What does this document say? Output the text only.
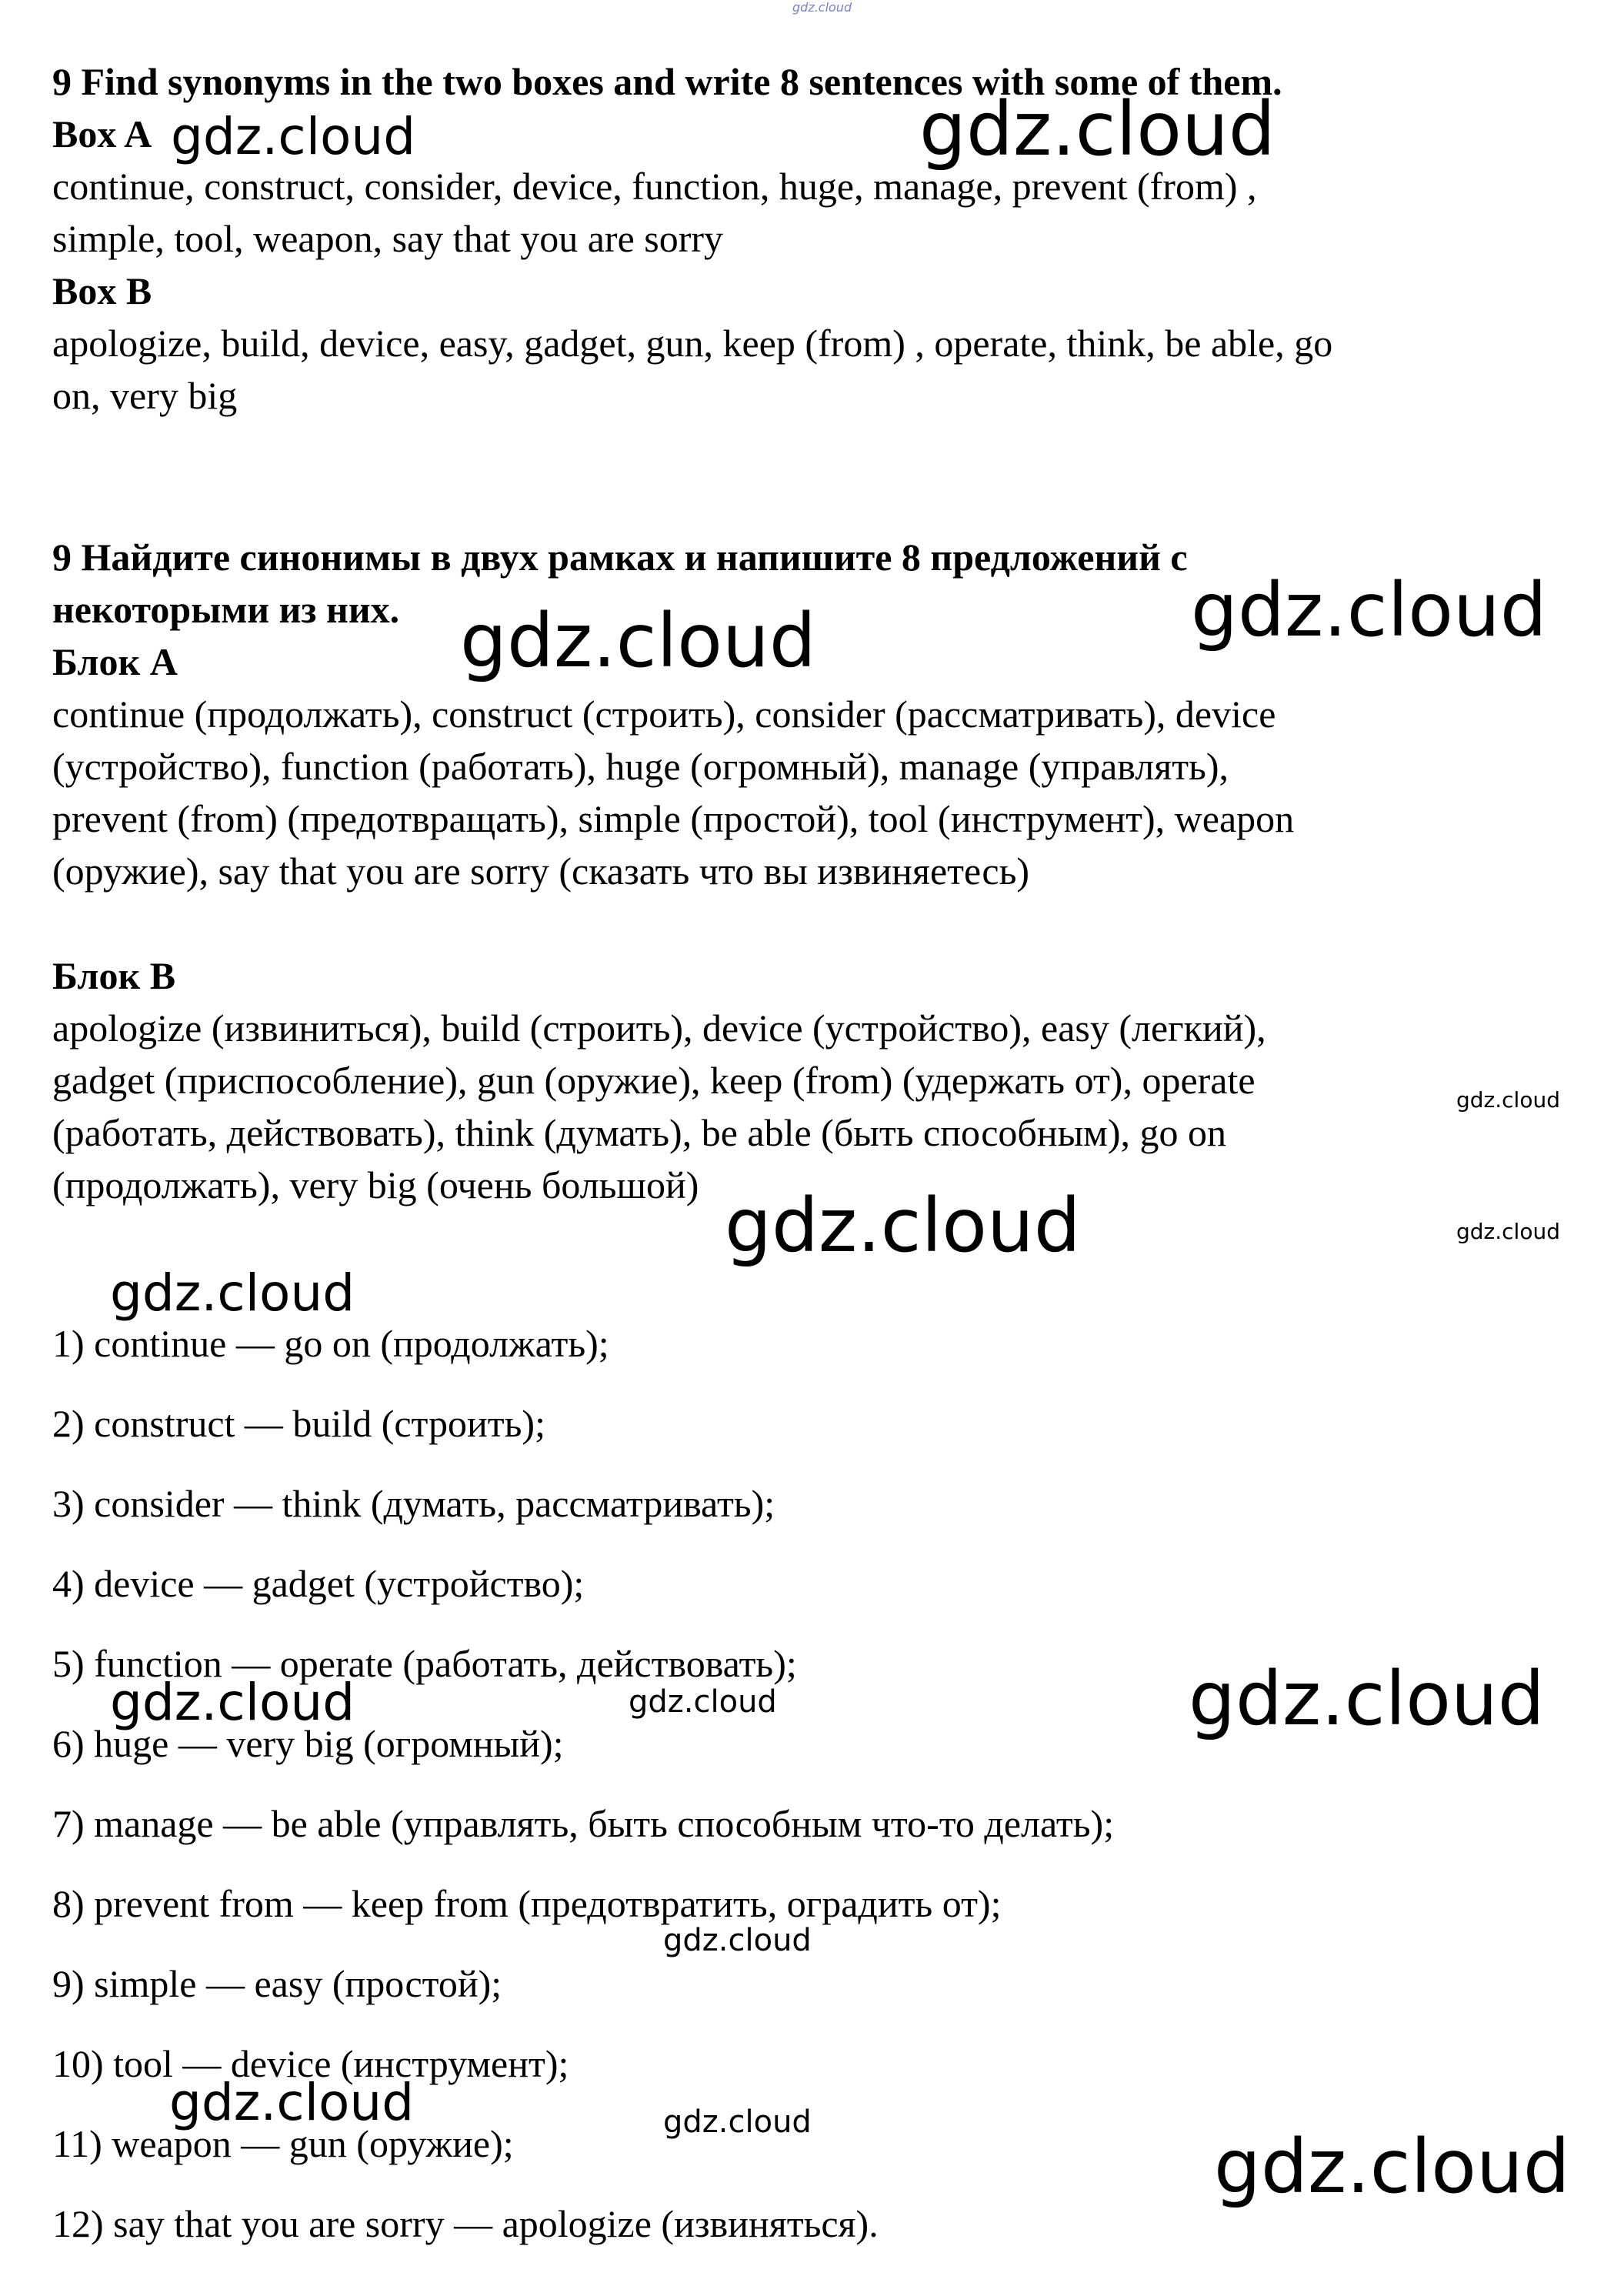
gdz.cloud
9 Find synonyms in the two boxes and write 8 sentences with some of them.
Box A
continue, construct, consider, device, function, huge, manage, prevent (from) ,
simple, tool, weapon, say that you are sorry
Box B
apologize, build, device, easy, gadget, gun, keep (from) , operate, think, be able, go
on, very big
9 Найдите синонимы в двух рамках и напишите 8 предложений с
некоторыми из них.
Блок А
continue (продолжать), construct (строить), consider (рассматривать), device
(устройство), function (работать), huge (огромный), manage (управлять),
prevent (from) (предотвращать), simple (простой), tool (инструмент), weapon
(оружие), say that you are sorry (сказать что вы извиняетесь)
Блок В
apologize (извиниться), build (строить), device (устройство), easy (легкий),
gadget (приспособление), gun (оружие), keep (from) (удержать от), operate
(работать, действовать), think (думать), be able (быть способным), go on
(продолжать), very big (очень большой)
1) continue — go on (продолжать);
2) construct — build (строить);
3) consider — think (думать, рассматривать);
4) device — gadget (устройство);
5) function — operate (работать, действовать);
6) huge — very big (огромный);
7) manage — be able (управлять, быть способным что-то делать);
8) prevent from — keep from (предотвратить, оградить от);
9) simple — easy (простой);
10) tool — device (инструмент);
11) weapon — gun (оружие);
12) say that you are sorry — apologize (извиняться).
gdz.cloud	gdz.cloud
gdz.cloud
gdz.cloud
gdz.cloud
gdz.cloud	gdz.cloud
gdz.cloud
gdz.cloud
gdz.cloud	gdz.cloud
gdz.cloud
gdz.cloud	gdz.cloud
gdz.cloud
